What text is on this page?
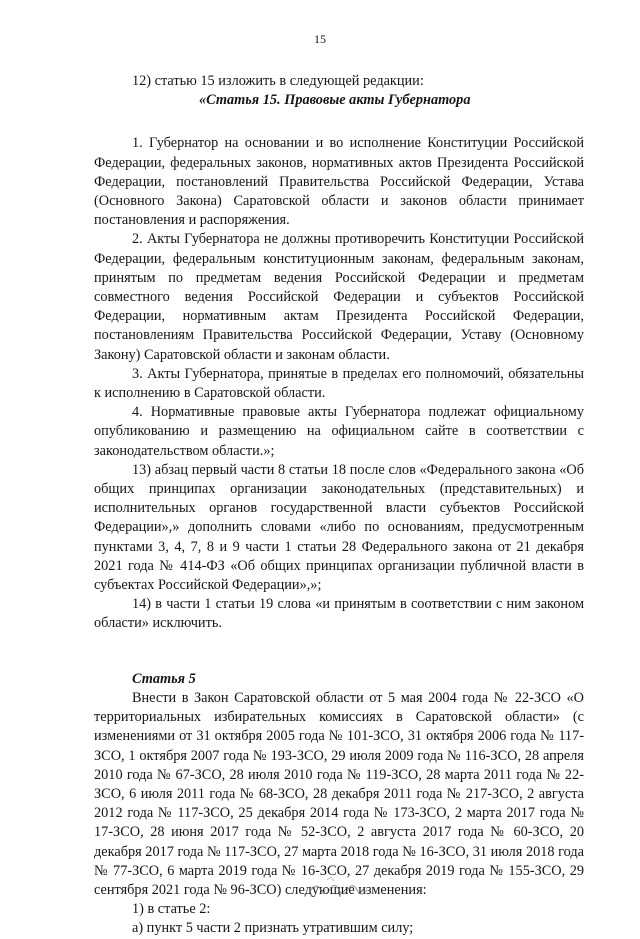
15

12) статью 15 изложить в следующей редакции:

«Статья 15. Правовые акты Губернатора

1. Губернатор на основании и во исполнение Конституции Российской Федерации, федеральных законов, нормативных актов Президента Российской Федерации, постановлений Правительства Российской Федерации, Устава (Основного Закона) Саратовской области и законов области принимает постановления и распоряжения.

2. Акты Губернатора не должны противоречить Конституции Российской Федерации, федеральным конституционным законам, федеральным законам, принятым по предметам ведения Российской Федерации и предметам совместного ведения Российской Федерации и субъектов Российской Федерации, нормативным актам Президента Российской Федерации, постановлениям Правительства Российской Федерации, Уставу (Основному Закону) Саратовской области и законам области.

3. Акты Губернатора, принятые в пределах его полномочий, обязательны к исполнению в Саратовской области.

4. Нормативные правовые акты Губернатора подлежат официальному опубликованию и размещению на официальном сайте в соответствии с законодательством области.»;

13) абзац первый части 8 статьи 18 после слов «Федерального закона «Об общих принципах организации законодательных (представительных) и исполнительных органов государственной власти субъектов Российской Федерации»,» дополнить словами «либо по основаниям, предусмотренным пунктами 3, 4, 7, 8 и 9 части 1 статьи 28 Федерального закона от 21 декабря 2021 года № 414-ФЗ «Об общих принципах организации публичной власти в субъектах Российской Федерации»,»;

14) в части 1 статьи 19 слова «и принятым в соответствии с ним законом области» исключить.

Статья 5

Внести в Закон Саратовской области от 5 мая 2004 года № 22-ЗСО «О территориальных избирательных комиссиях в Саратовской области» (с изменениями от 31 октября 2005 года № 101-ЗСО, 31 октября 2006 года № 117-ЗСО, 1 октября 2007 года № 193-ЗСО, 29 июля 2009 года № 116-ЗСО, 28 апреля 2010 года № 67-ЗСО, 28 июля 2010 года № 119-ЗСО, 28 марта 2011 года № 22-ЗСО, 6 июля 2011 года № 68-ЗСО, 28 декабря 2011 года № 217-ЗСО, 2 августа 2012 года № 117-ЗСО, 25 декабря 2014 года № 173-ЗСО, 2 марта 2017 года № 17-ЗСО, 28 июня 2017 года № 52-ЗСО, 2 августа 2017 года № 60-ЗСО, 20 декабря 2017 года № 117-ЗСО, 27 марта 2018 года № 16-ЗСО, 31 июля 2018 года № 77-ЗСО, 6 марта 2019 года № 16-ЗСО, 27 декабря 2019 года № 155-ЗСО, 29 сентября 2021 года № 96-ЗСО) следующие изменения:

1) в статье 2:

а) пункт 5 части 2 признать утратившим силу;
